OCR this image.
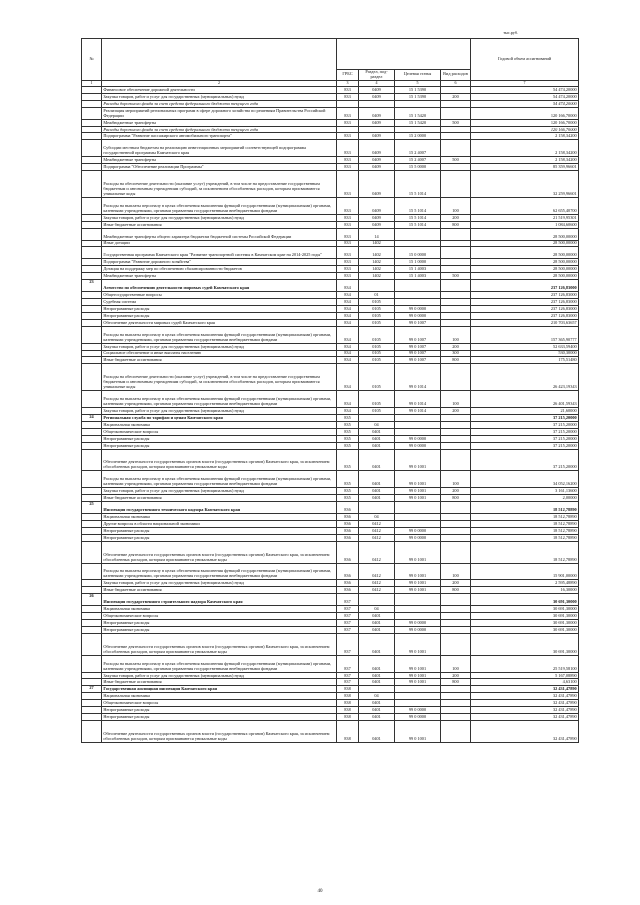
тыс.руб.
№						Годовой объем ассигнований
		ГРБС	Раздел, под-раздел	Целевая статья	Вид расходов	
1	2	3	4	5	6	7
	Финансовое обеспечение дорожной деятельности	833	0409	15 1 5390		54 474,20000
	Закупка товаров, работ и услуг для государственных (муниципальных) нужд	833	0409	15 1 5390	200	54 474,20000
	Расходы дорожного фонда за счет средств федерального бюджета текущего года					54 474,20000
	Реализация мероприятий региональных программ в сфере дорожного хозяйства по решениям Правительства Российской Федерации	833	0409	15 1 5420		120 166,70000
	Межбюджетные трансферты	833	0409	15 1 5420	500	120 166,70000
	Расходы дорожного фонда за счет средств федерального бюджета текущего года					120 166,70000
	Подпрограмма "Развитие пассажирского автомобильного транспорта"	833	0409	15 2 0000		2 158,34200
	Субсидии местным бюджетам на реализацию инвестиционных мероприятий соответствующей подпрограммы государственной программы Камчатского края	833	0409	15 2 4007		2 158,34200
	Межбюджетные трансферты	833	0409	15 2 4007	500	2 158,34200
	Подпрограмма "Обеспечение реализации Программы"	833	0409	15 5 0000		85 359,96601
	Расходы на обеспечение деятельности (оказание услуг) учреждений, в том числе на предоставление государственным бюджетным и автономным учреждениям субсидий, за исключением обособленных расходов, которым присваиваются уникальные коды	833	0409	15 5 1014		32 259,96601
	Расходы на выплаты персоналу в целях обеспечения выполнения функций государственными (муниципальными) органами, казенными учреждениями, органами управления государственными внебюджетными фондами	833	0409	15 5 1014	100	62 655,40700
	Закупка товаров, работ и услуг для государственных (муниципальных) нужд	833	0409	15 5 1014	200	21 519,95301
	Иные бюджетные ассигнования	833	0409	15 5 1014	800	1 084,60600
	Межбюджетные трансферты общего характера бюджетам бюджетной системы Российской Федерации	833	14			28 500,00000
	Иные дотации	833	1402			28 500,00000
	Государственная программа Камчатского края "Развитие транспортной системы в Камчатском крае на 2014-2025 годы"	833	1402	15 0 0000		28 500,00000
	Подпрограмма "Развитие дорожного хозяйства"	833	1402	15 1 0000		28 500,00000
	Дотация на поддержку мер по обеспечению сбалансированности бюджетов	833	1402	15 1 4003		28 500,00000
	Межбюджетные трансферты	833	1402	15 1 4003	500	28 500,00000
23	Агентство по обеспечению деятельности мировых судей Камчатского края	834				237 126,83000
	Общегосударственные вопросы	834	01			237 126,83000
	Судебная система	834	0105			237 126,83000
	Непрограммные расходы	834	0105	99 0 0000		237 126,83000
	Непрограммные расходы	834	0105	99 0 0000		237 126,83000
	Обеспечение деятельности мировых судей Камчатского края	834	0105	99 0 1007		210 703,63657
	Расходы на выплаты персоналу в целях обеспечения выполнения функций государственными (муниципальными) органами, казенными учреждениями, органами управления государственными внебюджетными фондами	834	0105	99 0 1007	100	157 365,90777
	Закупка товаров, работ и услуг для государственных (муниципальных) нужд	834	0105	99 0 1007	200	52 633,59400
	Социальное обеспечение и иные выплаты населению	834	0105	99 0 1007	300	530,30000
	Иные бюджетные ассигнования	834	0105	99 0 1007	800	175,51480
	Расходы на обеспечение деятельности (оказание услуг) учреждений, в том числе на предоставление государственным бюджетным и автономным учреждениям субсидий, за исключением обособленных расходов, которым присваиваются уникальные коды	834	0105	99 0 1014		26 423,19343
	Расходы на выплаты персоналу в целях обеспечения выполнения функций государственными (муниципальными) органами, казенными учреждениями, органами управления государственными внебюджетными фондами	834	0105	99 0 1014	100	26 401,59343
	Закупка товаров, работ и услуг для государственных (муниципальных) нужд	834	0105	99 0 1014	200	21,60000
24	Региональная служба по тарифам и ценам Камчатского края	835				37 215,20000
	Национальная экономика	835	04			37 215,20000
	Общеэкономические вопросы	835	0401			37 215,20000
	Непрограммные расходы	835	0401	99 0 0000		37 215,20000
	Непрограммные расходы	835	0401	99 0 0000		37 215,20000
	Обеспечение деятельности государственных органов власти (государственных органов) Камчатского края, за исключением обособленных расходов, которым присваиваются уникальные коды	835	0401	99 0 1001		37 215,20000
	Расходы на выплаты персоналу в целях обеспечения выполнения функций государственными (муниципальными) органами, казенными учреждениями, органами управления государственными внебюджетными фондами	835	0401	99 0 1001	100	34 052,16200
	Закупка товаров, работ и услуг для государственных (муниципальных) нужд	835	0401	99 0 1001	200	3 161,13600
	Иные бюджетные ассигнования	835	0401	99 0 1001	800	2,00000
25	Инспекция государственного технического надзора Камчатского края	836				18 512,78890
	Национальная экономика	836	04			18 512,78890
	Другие вопросы в области национальной экономики	836	0412			18 512,78890
	Непрограммные расходы	836	0412	99 0 0000		18 512,78890
	Непрограммные расходы	836	0412	99 0 0000		18 512,78890
	Обеспечение деятельности государственных органов власти (государственных органов) Камчатского края, за исключением обособленных расходов, которым присваиваются уникальные коды	836	0412	99 0 1001		18 512,78890
	Расходы на выплаты персоналу в целях обеспечения выполнения функций государственными (муниципальными) органами, казенными учреждениями, органами управления государственными внебюджетными фондами	836	0412	99 0 1001	100	15 901,00000
	Закупка товаров, работ и услуг для государственных (муниципальных) нужд	836	0412	99 0 1001	200	2 595,48890
	Иные бюджетные ассигнования	836	0412	99 0 1001	800	16,30000
26	Инспекция государственного строительного надзора Камчатского края	837				30 691,30000
	Национальная экономика	837	04			30 691,30000
	Общеэкономические вопросы	837	0401			30 691,30000
	Непрограммные расходы	837	0401	99 0 0000		30 691,30000
	Непрограммные расходы	837	0401	99 0 0000		30 691,30000
	Обеспечение деятельности государственных органов власти (государственных органов) Камчатского края, за исключением обособленных расходов, которым присваиваются уникальные коды	837	0401	99 0 1001		30 691,30000
	Расходы на выплаты персоналу в целях обеспечения выполнения функций государственными (муниципальными) органами, казенными учреждениями, органами управления государственными внебюджетными фондами	837	0401	99 0 1001	100	25 519,58100
	Закупка товаров, работ и услуг для государственных (муниципальных) нужд	837	0401	99 0 1001	200	5 167,08890
	Иные бюджетные ассигнования	837	0401	99 0 1001	800	4,63100
27	Государственная жилищная инспекция Камчатского края	838				32 431,47890
	Национальная экономика	838	04			32 431,47890
	Общеэкономические вопросы	838	0401			32 431,47890
	Непрограммные расходы	838	0401	99 0 0000		32 431,47890
	Непрограммные расходы	838	0401	99 0 0000		32 431,47890
	Обеспечение деятельности государственных органов власти (государственных органов) Камчатского края, за исключением обособленных расходов, которым присваиваются уникальные коды	838	0401	99 0 1001		32 431,47890
40
